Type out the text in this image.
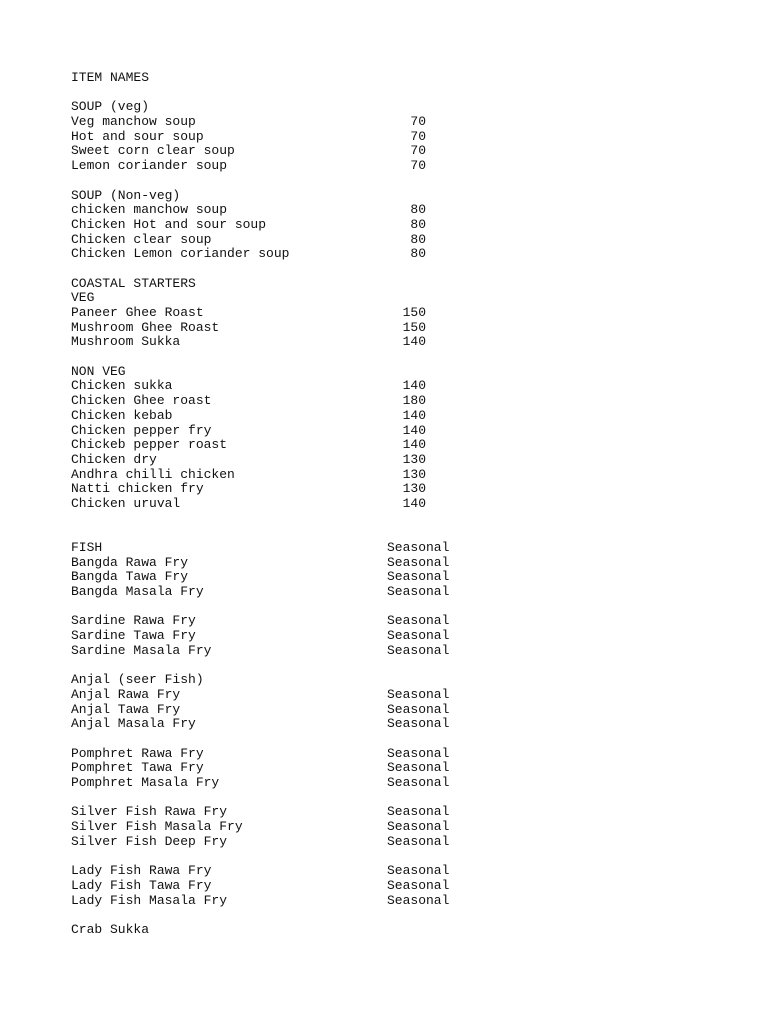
ITEM NAMES
SOUP (veg)
Veg manchow soup	70
Hot and sour soup	70
Sweet corn clear soup	70
Lemon coriander soup	70
SOUP (Non-veg)
chicken manchow soup	80
Chicken Hot and sour soup	80
Chicken clear soup	80
Chicken Lemon coriander soup	80
COASTAL STARTERS
VEG
Paneer Ghee Roast	150
Mushroom Ghee Roast	150
Mushroom Sukka	140
NON VEG
Chicken sukka	140
Chicken Ghee roast	180
Chicken kebab	140
Chicken pepper fry	140
Chickeb pepper roast	140
Chicken dry	130
Andhra chilli chicken	130
Natti chicken fry	130
Chicken uruval	140
FISH	Seasonal
Bangda Rawa Fry	Seasonal
Bangda Tawa Fry	Seasonal
Bangda Masala Fry	Seasonal
Sardine Rawa Fry	Seasonal
Sardine Tawa Fry	Seasonal
Sardine Masala Fry	Seasonal
Anjal (seer Fish)
Anjal Rawa Fry	Seasonal
Anjal Tawa Fry	Seasonal
Anjal Masala Fry	Seasonal
Pomphret Rawa Fry	Seasonal
Pomphret Tawa Fry	Seasonal
Pomphret Masala Fry	Seasonal
Silver Fish Rawa Fry	Seasonal
Silver Fish Masala Fry	Seasonal
Silver Fish Deep Fry	Seasonal
Lady Fish Rawa Fry	Seasonal
Lady Fish Tawa Fry	Seasonal
Lady Fish Masala Fry	Seasonal
Crab Sukka
